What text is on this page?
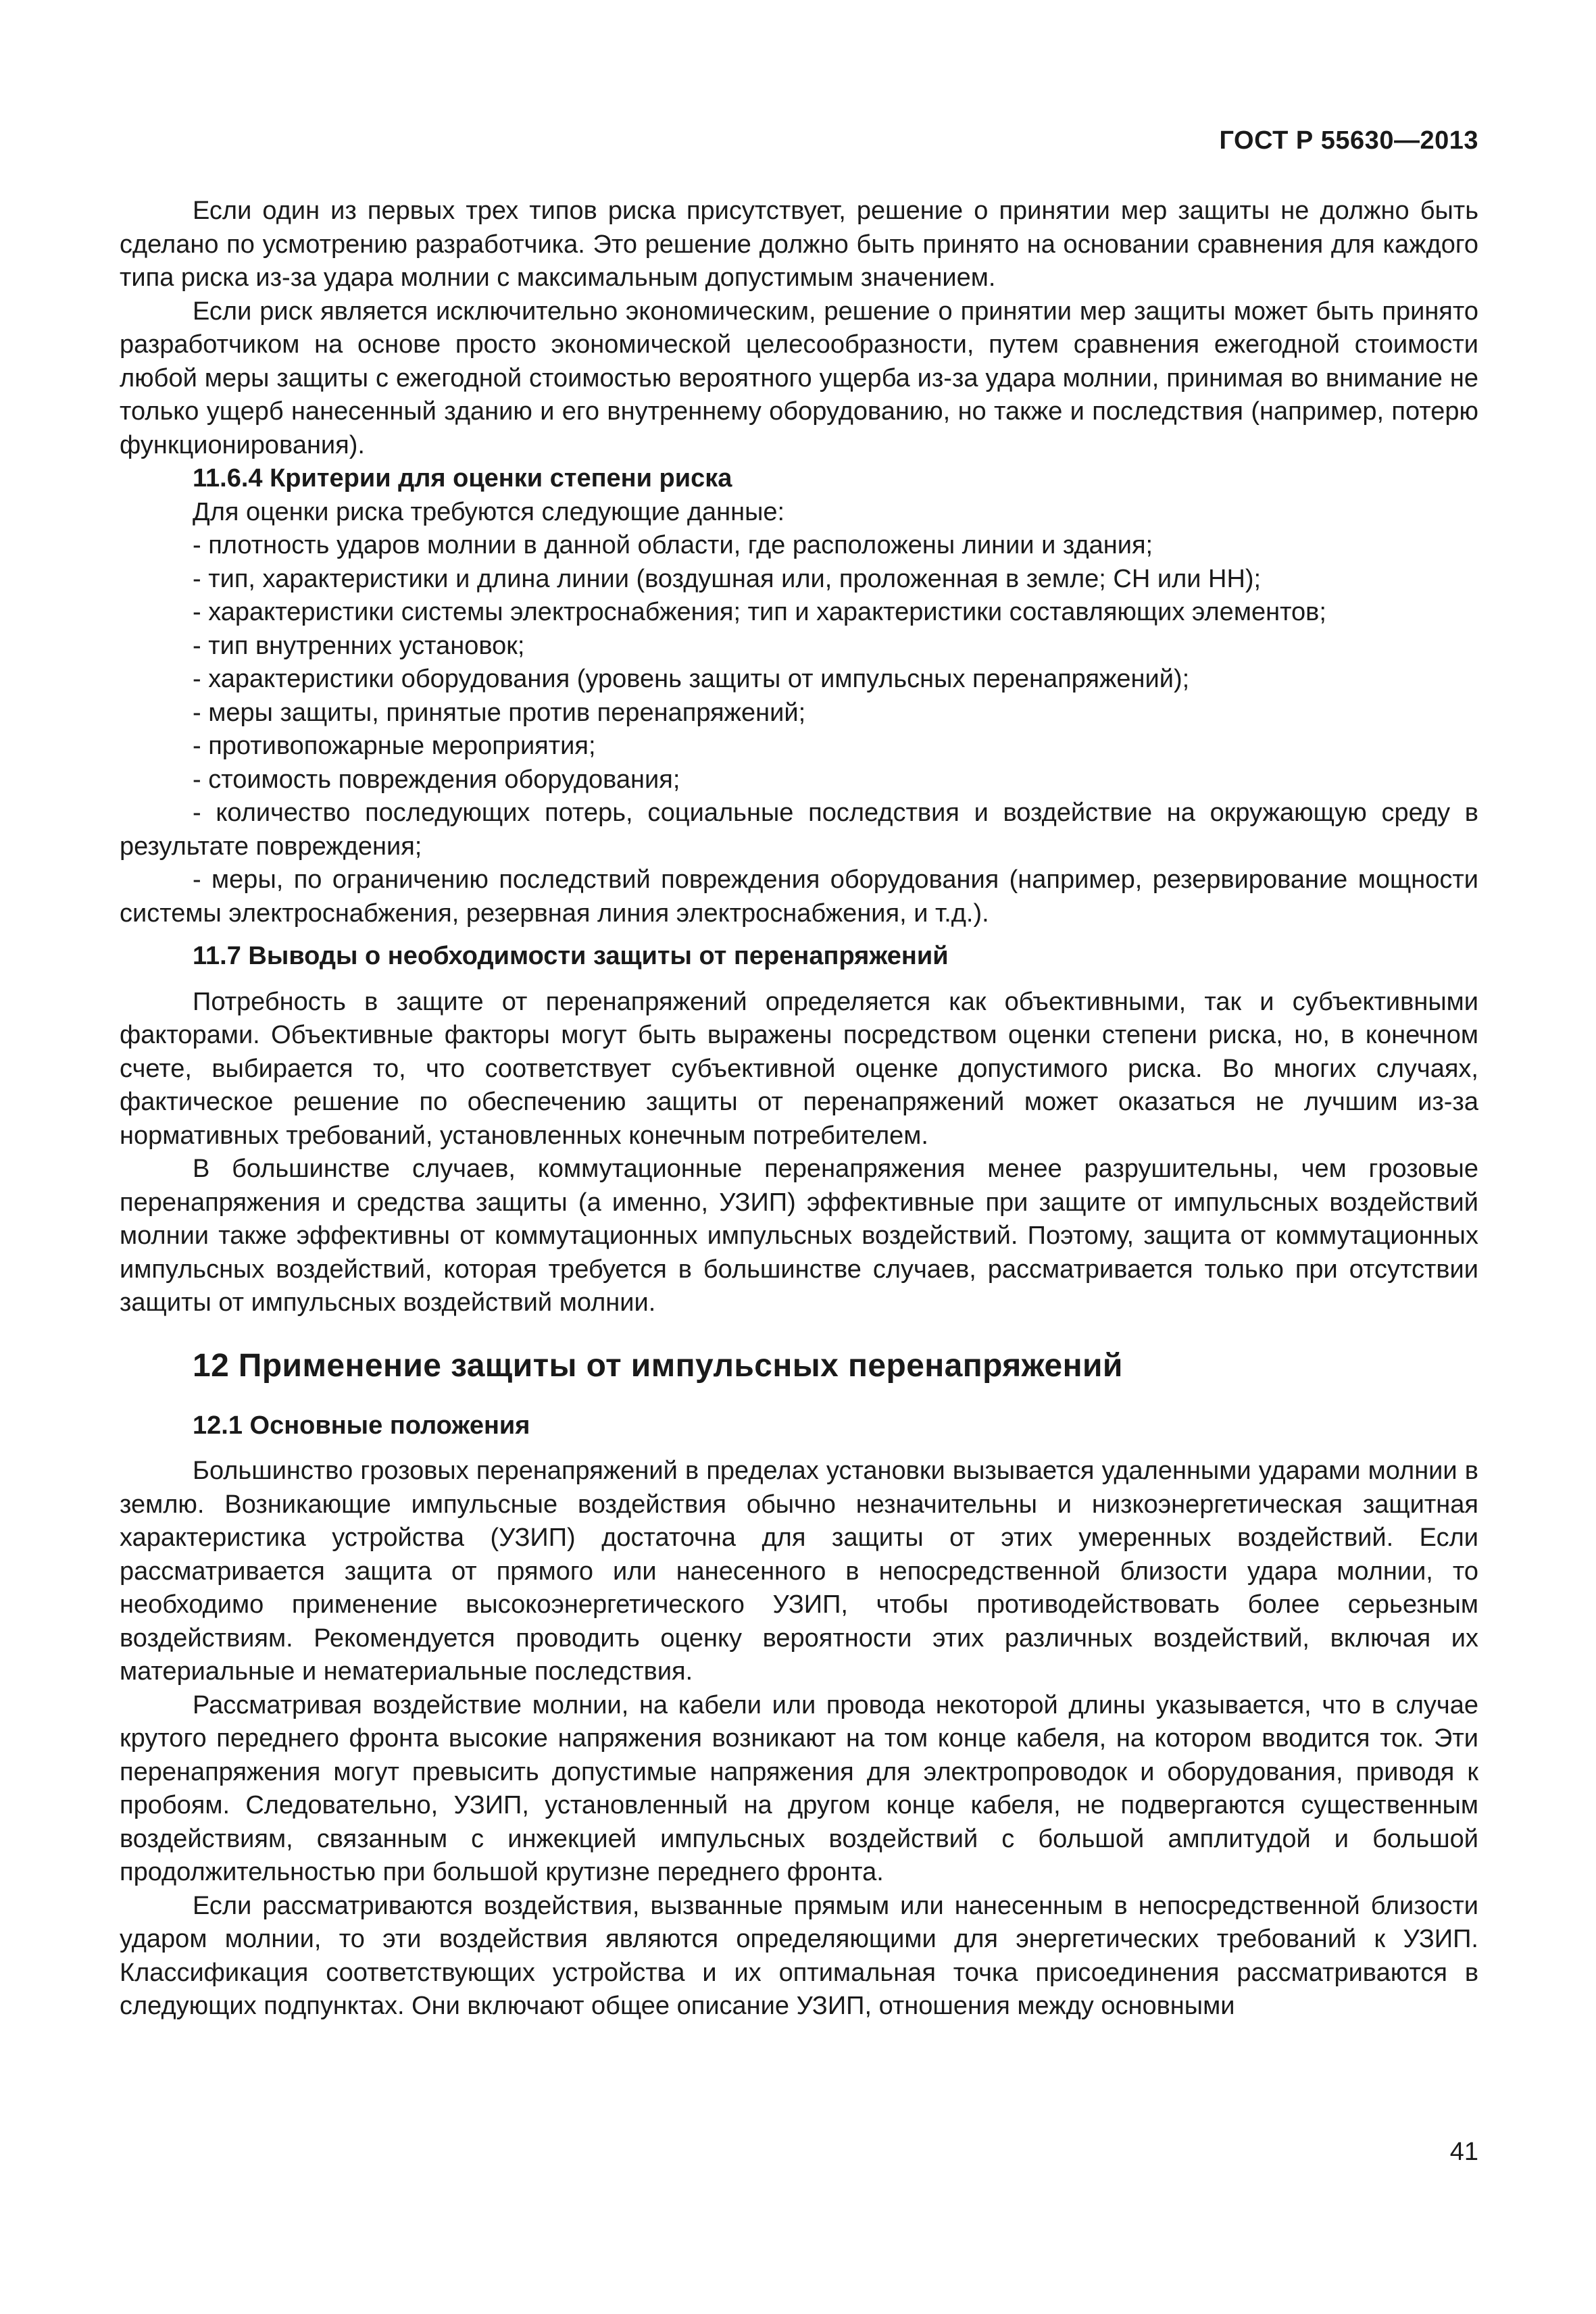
ГОСТ Р 55630—2013

Если один из первых трех типов риска присутствует, решение о принятии мер защиты не должно быть сделано по усмотрению разработчика. Это решение должно быть принято на основании сравнения для каждого типа риска из-за удара молнии с максимальным допустимым значением.

Если риск является исключительно экономическим, решение о принятии мер защиты может быть принято разработчиком на основе просто экономической целесообразности, путем сравнения ежегодной стоимости любой меры защиты с ежегодной стоимостью вероятного ущерба из-за удара молнии, принимая во внимание не только ущерб нанесенный зданию и его внутреннему оборудованию, но также и последствия (например, потерю функционирования).

11.6.4 Критерии для оценки степени риска

Для оценки риска требуются следующие данные:

- плотность ударов молнии в данной области, где расположены линии и здания;
- тип, характеристики и длина линии (воздушная или, проложенная в земле; СН или НН);
- характеристики системы электроснабжения; тип и характеристики составляющих элементов;
- тип внутренних установок;
- характеристики оборудования (уровень защиты от импульсных перенапряжений);
- меры защиты, принятые против перенапряжений;
- противопожарные мероприятия;
- стоимость повреждения оборудования;
- количество последующих потерь, социальные последствия и воздействие на окружающую среду в результате повреждения;
- меры, по ограничению последствий повреждения оборудования (например, резервирование мощности системы электроснабжения, резервная линия электроснабжения, и т.д.).
11.7 Выводы о необходимости защиты от перенапряжений

Потребность в защите от перенапряжений определяется как объективными, так и субъективными факторами. Объективные факторы могут быть выражены посредством оценки степени риска, но, в конечном счете, выбирается то, что соответствует субъективной оценке допустимого риска. Во многих случаях, фактическое решение по обеспечению защиты от перенапряжений может оказаться не лучшим из-за нормативных требований, установленных конечным потребителем.

В большинстве случаев, коммутационные перенапряжения менее разрушительны, чем грозовые перенапряжения и средства защиты (а именно, УЗИП) эффективные при защите от импульсных воздействий молнии также эффективны от коммутационных импульсных воздействий. Поэтому, защита от коммутационных импульсных воздействий, которая требуется в большинстве случаев, рассматривается только при отсутствии защиты от импульсных воздействий молнии.

12 Применение защиты от импульсных перенапряжений
12.1 Основные положения

Большинство грозовых перенапряжений в пределах установки вызывается удаленными ударами молнии в землю. Возникающие импульсные воздействия обычно незначительны и низкоэнергетическая защитная характеристика устройства (УЗИП) достаточна для защиты от этих умеренных воздействий. Если рассматривается защита от прямого или нанесенного в непосредственной близости удара молнии, то необходимо применение высокоэнергетического УЗИП, чтобы противодействовать более серьезным воздействиям. Рекомендуется проводить оценку вероятности этих различных воздействий, включая их материальные и нематериальные последствия.

Рассматривая воздействие молнии, на кабели или провода некоторой длины указывается, что в случае крутого переднего фронта высокие напряжения возникают на том конце кабеля, на котором вводится ток. Эти перенапряжения могут превысить допустимые напряжения для электропроводок и оборудования, приводя к пробоям. Следовательно, УЗИП, установленный на другом конце кабеля, не подвергаются существенным воздействиям, связанным с инжекцией импульсных воздействий с большой амплитудой и большой продолжительностью при большой крутизне переднего фронта.

Если рассматриваются воздействия, вызванные прямым или нанесенным в непосредственной близости ударом молнии, то эти воздействия являются определяющими для энергетических требований к УЗИП. Классификация соответствующих устройства и их оптимальная точка присоединения рассматриваются в следующих подпунктах. Они включают общее описание УЗИП, отношения между основными

41
